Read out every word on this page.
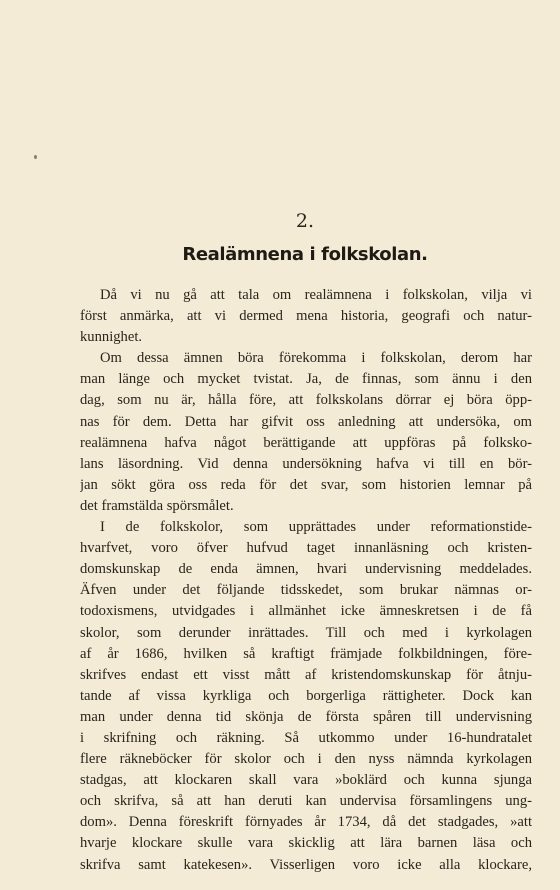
2.
Realämnena i folkskolan.
Då vi nu gå att tala om realämnena i folkskolan, vilja vi
först anmärka, att vi dermed mena historia, geografi och natur-
kunnighet.
Om dessa ämnen böra förekomma i folkskolan, derom har
man länge och mycket tvistat. Ja, de finnas, som ännu i den
dag, som nu är, hålla före, att folkskolans dörrar ej böra öpp-
nas för dem. Detta har gifvit oss anledning att undersöka, om
realämnena hafva något berättigande att uppföras på folksko-
lans läsordning. Vid denna undersökning hafva vi till en bör-
jan sökt göra oss reda för det svar, som historien lemnar på
det framstälda spörsmålet.
I de folkskolor, som upprättades under reformationstide-
hvarfvet, voro öfver hufvud taget innanläsning och kristen-
domskunskap de enda ämnen, hvari undervisning meddelades.
Äfven under det följande tidsskedet, som brukar nämnas or-
todoxismens, utvidgades i allmänhet icke ämneskretsen i de få
skolor, som derunder inrättades. Till och med i kyrkolagen
af år 1686, hvilken så kraftigt främjade folkbildningen, före-
skrifves endast ett visst mått af kristendomskunskap för åtnju-
tande af vissa kyrkliga och borgerliga rättigheter. Dock kan
man under denna tid skönja de första spåren till undervisning
i skrifning och räkning. Så utkommo under 16-hundratalet
flere räkneböcker för skolor och i den nyss nämnda kyrkolagen
stadgas, att klockaren skall vara »boklärd och kunna sjunga
och skrifva, så att han deruti kan undervisa församlingens ung-
dom». Denna föreskrift förnyades år 1734, då det stadgades, »att
hvarje klockare skulle vara skicklig att lära barnen läsa och
skrifva samt katekesen». Visserligen voro icke alla klockare,
